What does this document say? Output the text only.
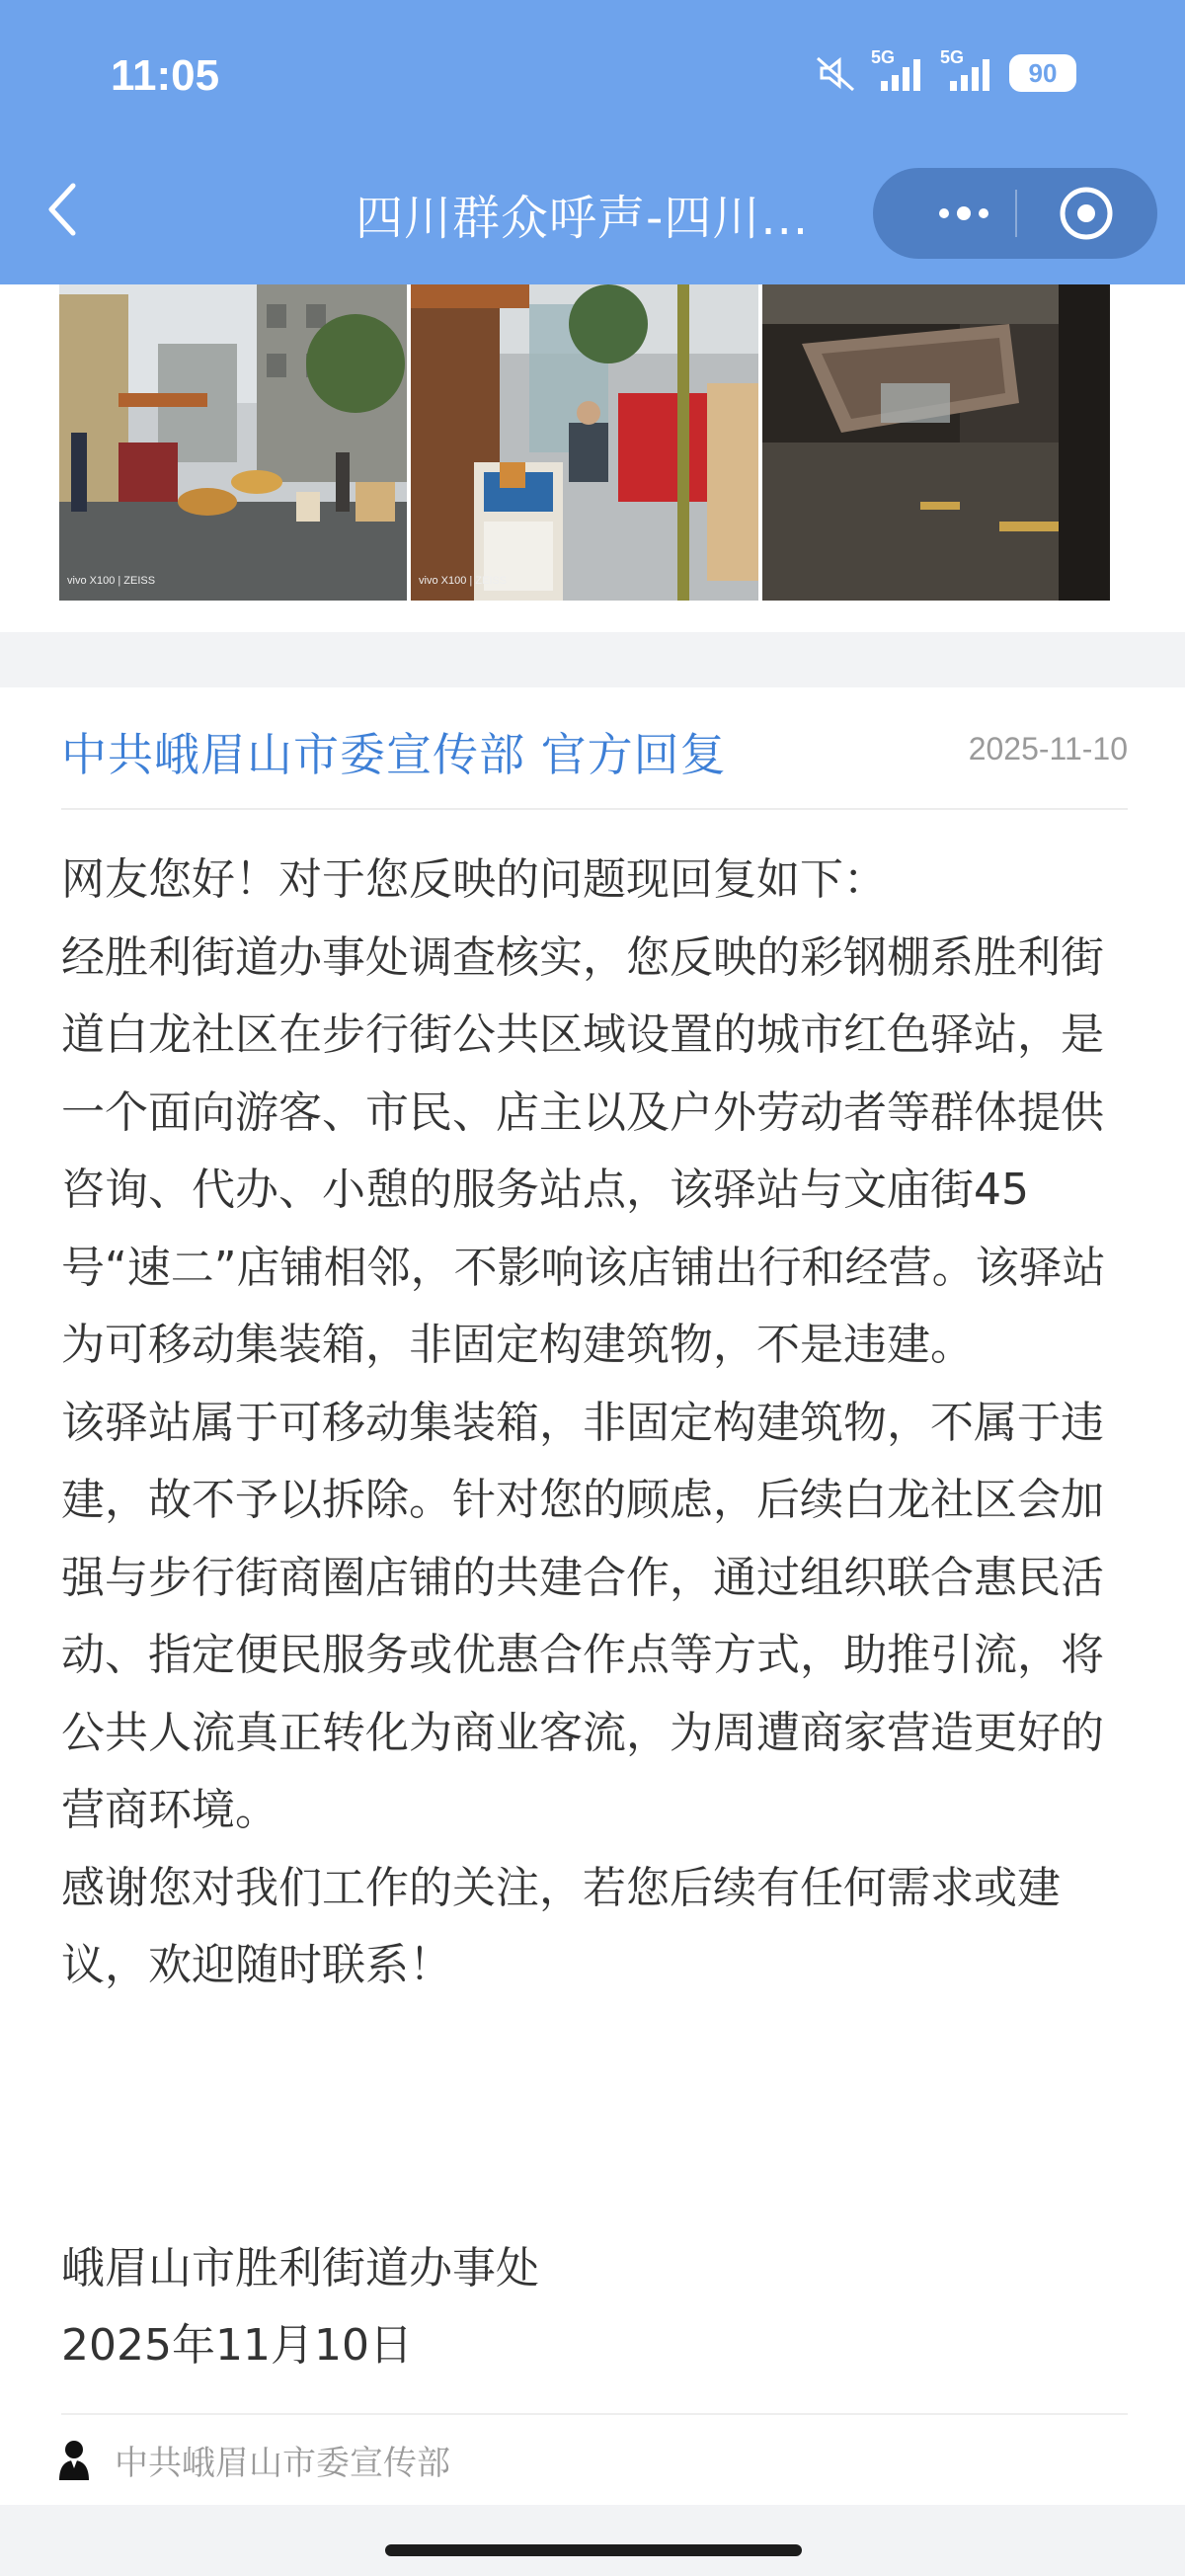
11:05	5G	5G
90
四川群众呼声-四川...
vivo X100 | ZEISS	vivo X100 | ZEISS
中共峨眉山市委宣传部 官方回复	2025-11-10

网友您好！对于您反映的问题现回复如下：

经胜利街道办事处调查核实，您反映的彩钢棚系胜利街道白龙社区在步行街公共区域设置的城市红色驿站，是一个面向游客、市民、店主以及户外劳动者等群体提供咨询、代办、小憩的服务站点，该驿站与文庙街45号“速二”店铺相邻，不影响该店铺出行和经营。该驿站为可移动集装箱，非固定构建筑物，不是违建。

该驿站属于可移动集装箱，非固定构建筑物，不属于违建，故不予以拆除。针对您的顾虑，后续白龙社区会加强与步行街商圈店铺的共建合作，通过组织联合惠民活动、指定便民服务或优惠合作点等方式，助推引流，将公共人流真正转化为商业客流，为周遭商家营造更好的营商环境。

感谢您对我们工作的关注，若您后续有任何需求或建议，欢迎随时联系！

峨眉山市胜利街道办事处
2025年11月10日
中共峨眉山市委宣传部
